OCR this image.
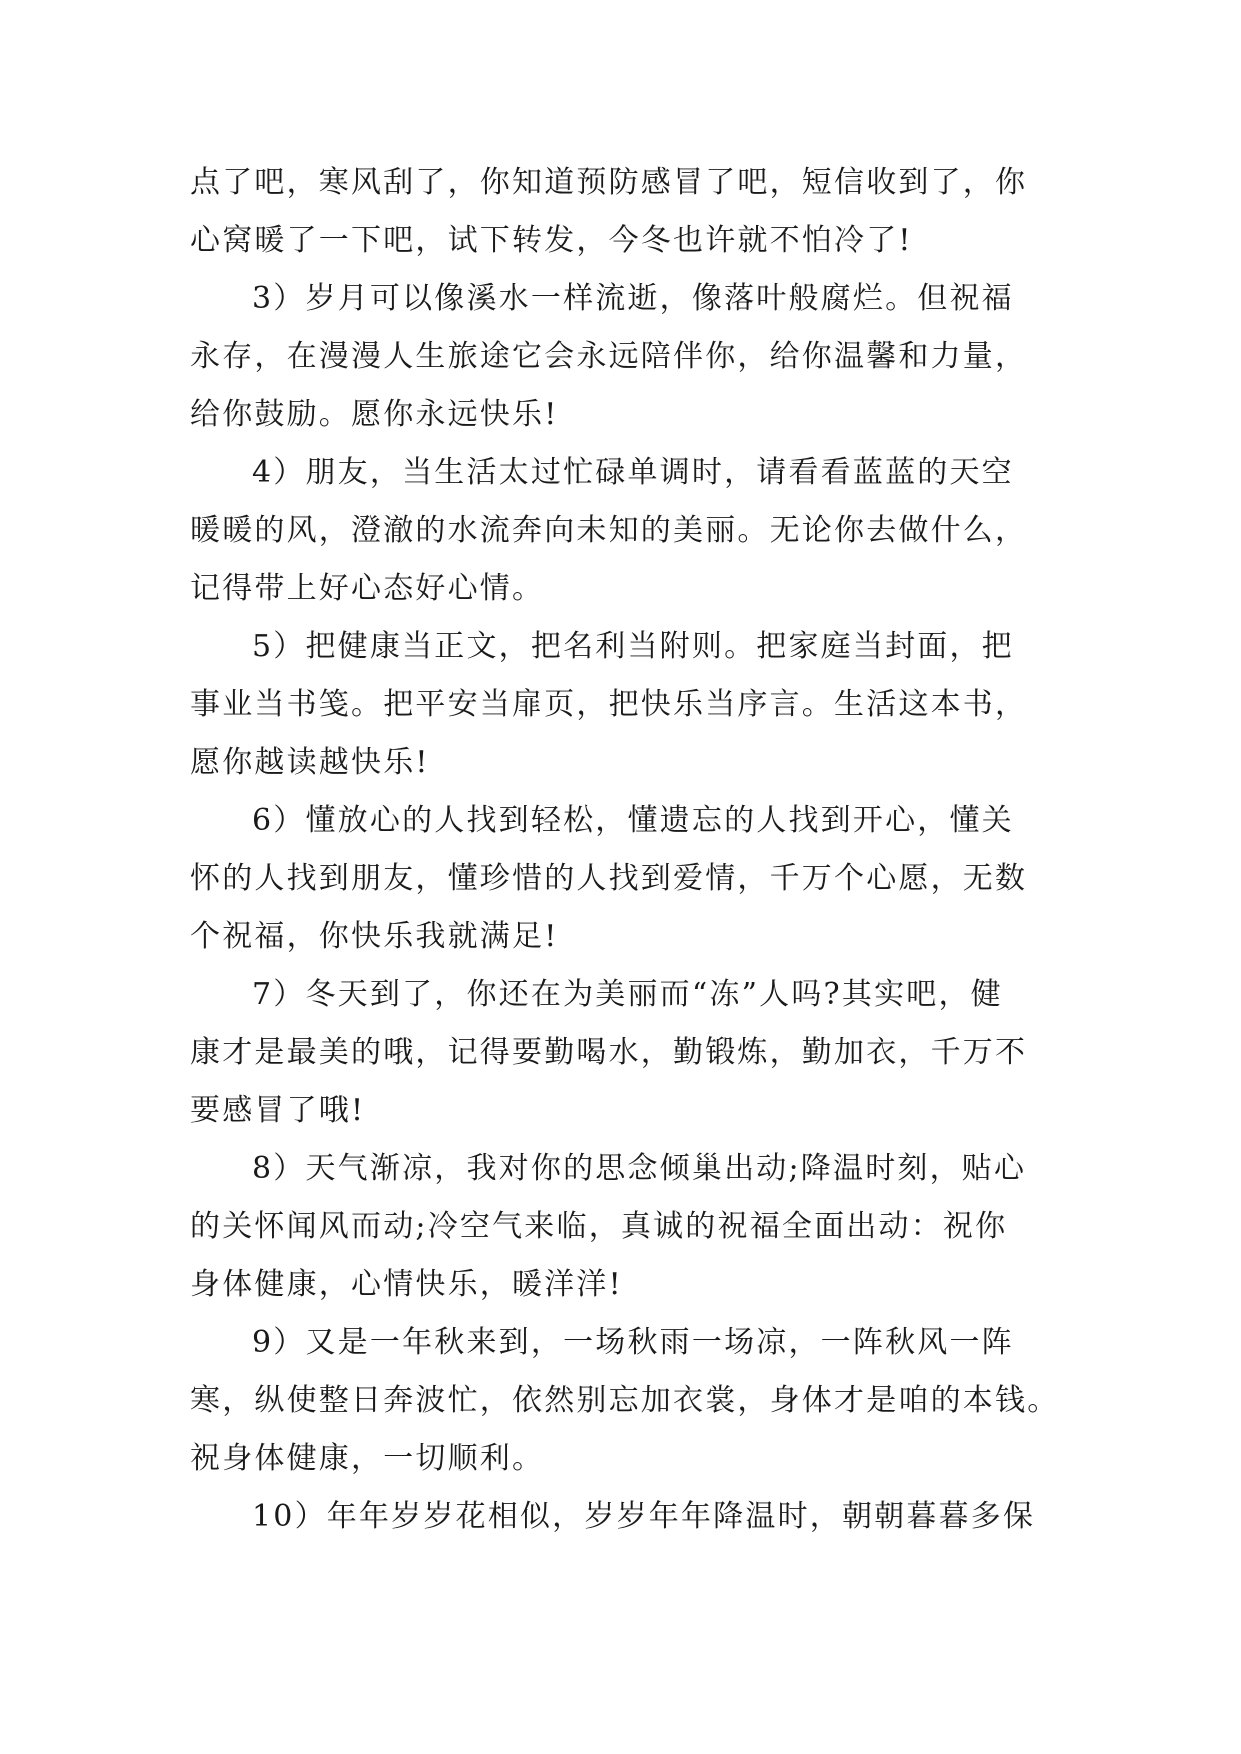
点了吧，寒风刮了，你知道预防感冒了吧，短信收到了，你
心窝暖了一下吧，试下转发，今冬也许就不怕冷了!
3）岁月可以像溪水一样流逝，像落叶般腐烂。但祝福
永存，在漫漫人生旅途它会永远陪伴你，给你温馨和力量，
给你鼓励。愿你永远快乐!
4）朋友，当生活太过忙碌单调时，请看看蓝蓝的天空
暖暖的风，澄澈的水流奔向未知的美丽。无论你去做什么，
记得带上好心态好心情。
5）把健康当正文，把名利当附则。把家庭当封面，把
事业当书笺。把平安当扉页，把快乐当序言。生活这本书，
愿你越读越快乐!
6）懂放心的人找到轻松，懂遗忘的人找到开心，懂关
怀的人找到朋友，懂珍惜的人找到爱情，千万个心愿，无数
个祝福，你快乐我就满足!
7）冬天到了，你还在为美丽而“冻”人吗?其实吧，健
康才是最美的哦，记得要勤喝水，勤锻炼，勤加衣，千万不
要感冒了哦!
8）天气渐凉，我对你的思念倾巢出动;降温时刻，贴心
的关怀闻风而动;冷空气来临，真诚的祝福全面出动：祝你
身体健康，心情快乐，暖洋洋!
9）又是一年秋来到，一场秋雨一场凉，一阵秋风一阵
寒，纵使整日奔波忙，依然别忘加衣裳，身体才是咱的本钱。
祝身体健康，一切顺利。
10）年年岁岁花相似，岁岁年年降温时，朝朝暮暮多保
